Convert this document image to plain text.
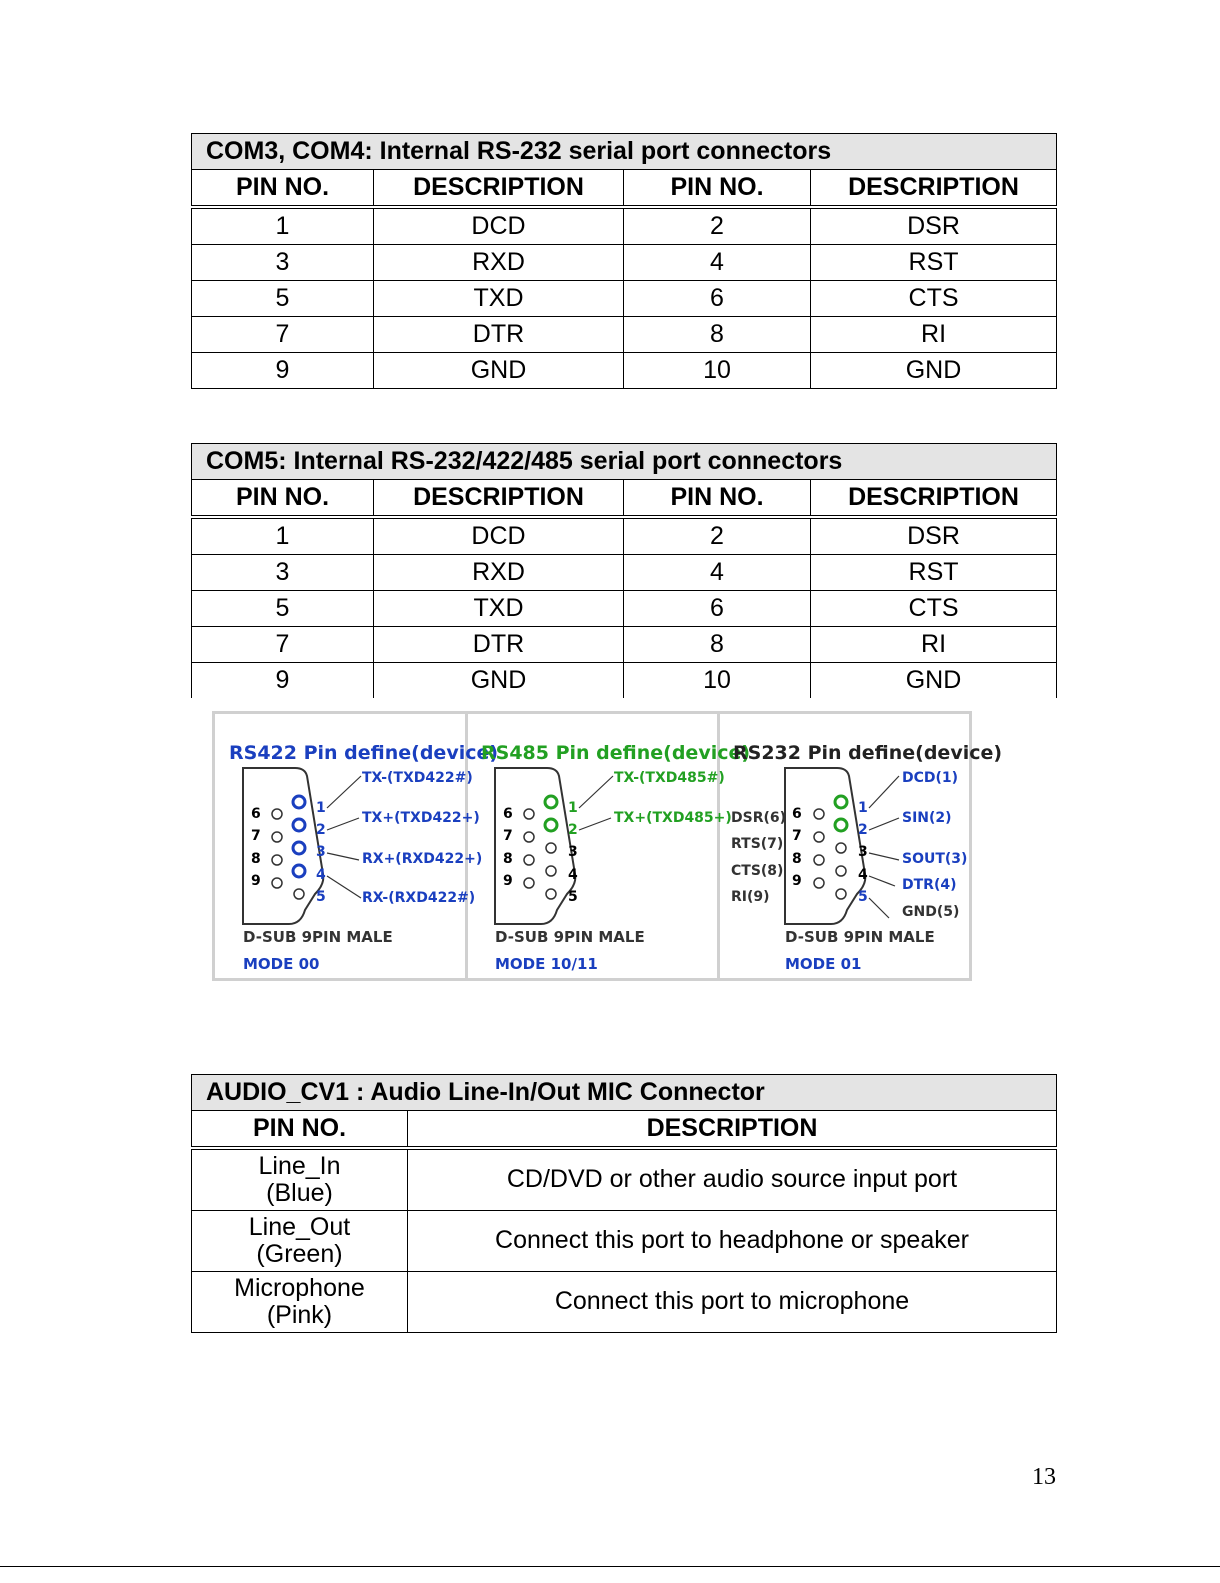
COM3, COM4: Internal RS-232 serial port connectors			
PIN NO.	DESCRIPTION	PIN NO.	DESCRIPTION
1	DCD	2	DSR
3	RXD	4	RST
5	TXD	6	CTS
7	DTR	8	RI
9	GND	10	GND
COM5: Internal RS-232/422/485 serial port connectors			
PIN NO.	DESCRIPTION	PIN NO.	DESCRIPTION
1	DCD	2	DSR
3	RXD	4	RST
5	TXD	6	CTS
7	DTR	8	RI
9	GND	10	GND
RS422 Pin define(device)
6
7
8
9
1
2
3
4
5
TX-(TXD422#)
TX+(TXD422+)
RX+(RXD422+)
RX-(RXD422#)
D-SUB 9PIN MALE
MODE 00
RS485 Pin define(device)
6
7
8
9
1
2
3
4
5
TX-(TXD485#)
TX+(TXD485+)
D-SUB 9PIN MALE
MODE 10/11
RS232 Pin define(device)
DSR(6)
RTS(7)
CTS(8)
RI(9)
6
7
8
9
1
2
3
4
5
DCD(1)
SIN(2)
SOUT(3)
DTR(4)
GND(5)
D-SUB 9PIN MALE
MODE 01
AUDIO_CV1 : Audio Line-In/Out MIC Connector	
PIN NO.	DESCRIPTION

Line_In
(Blue)	CD/DVD or other audio source input port

Line_Out
(Green)	Connect this port to headphone or speaker

Microphone
(Pink)	Connect this port to microphone
13
